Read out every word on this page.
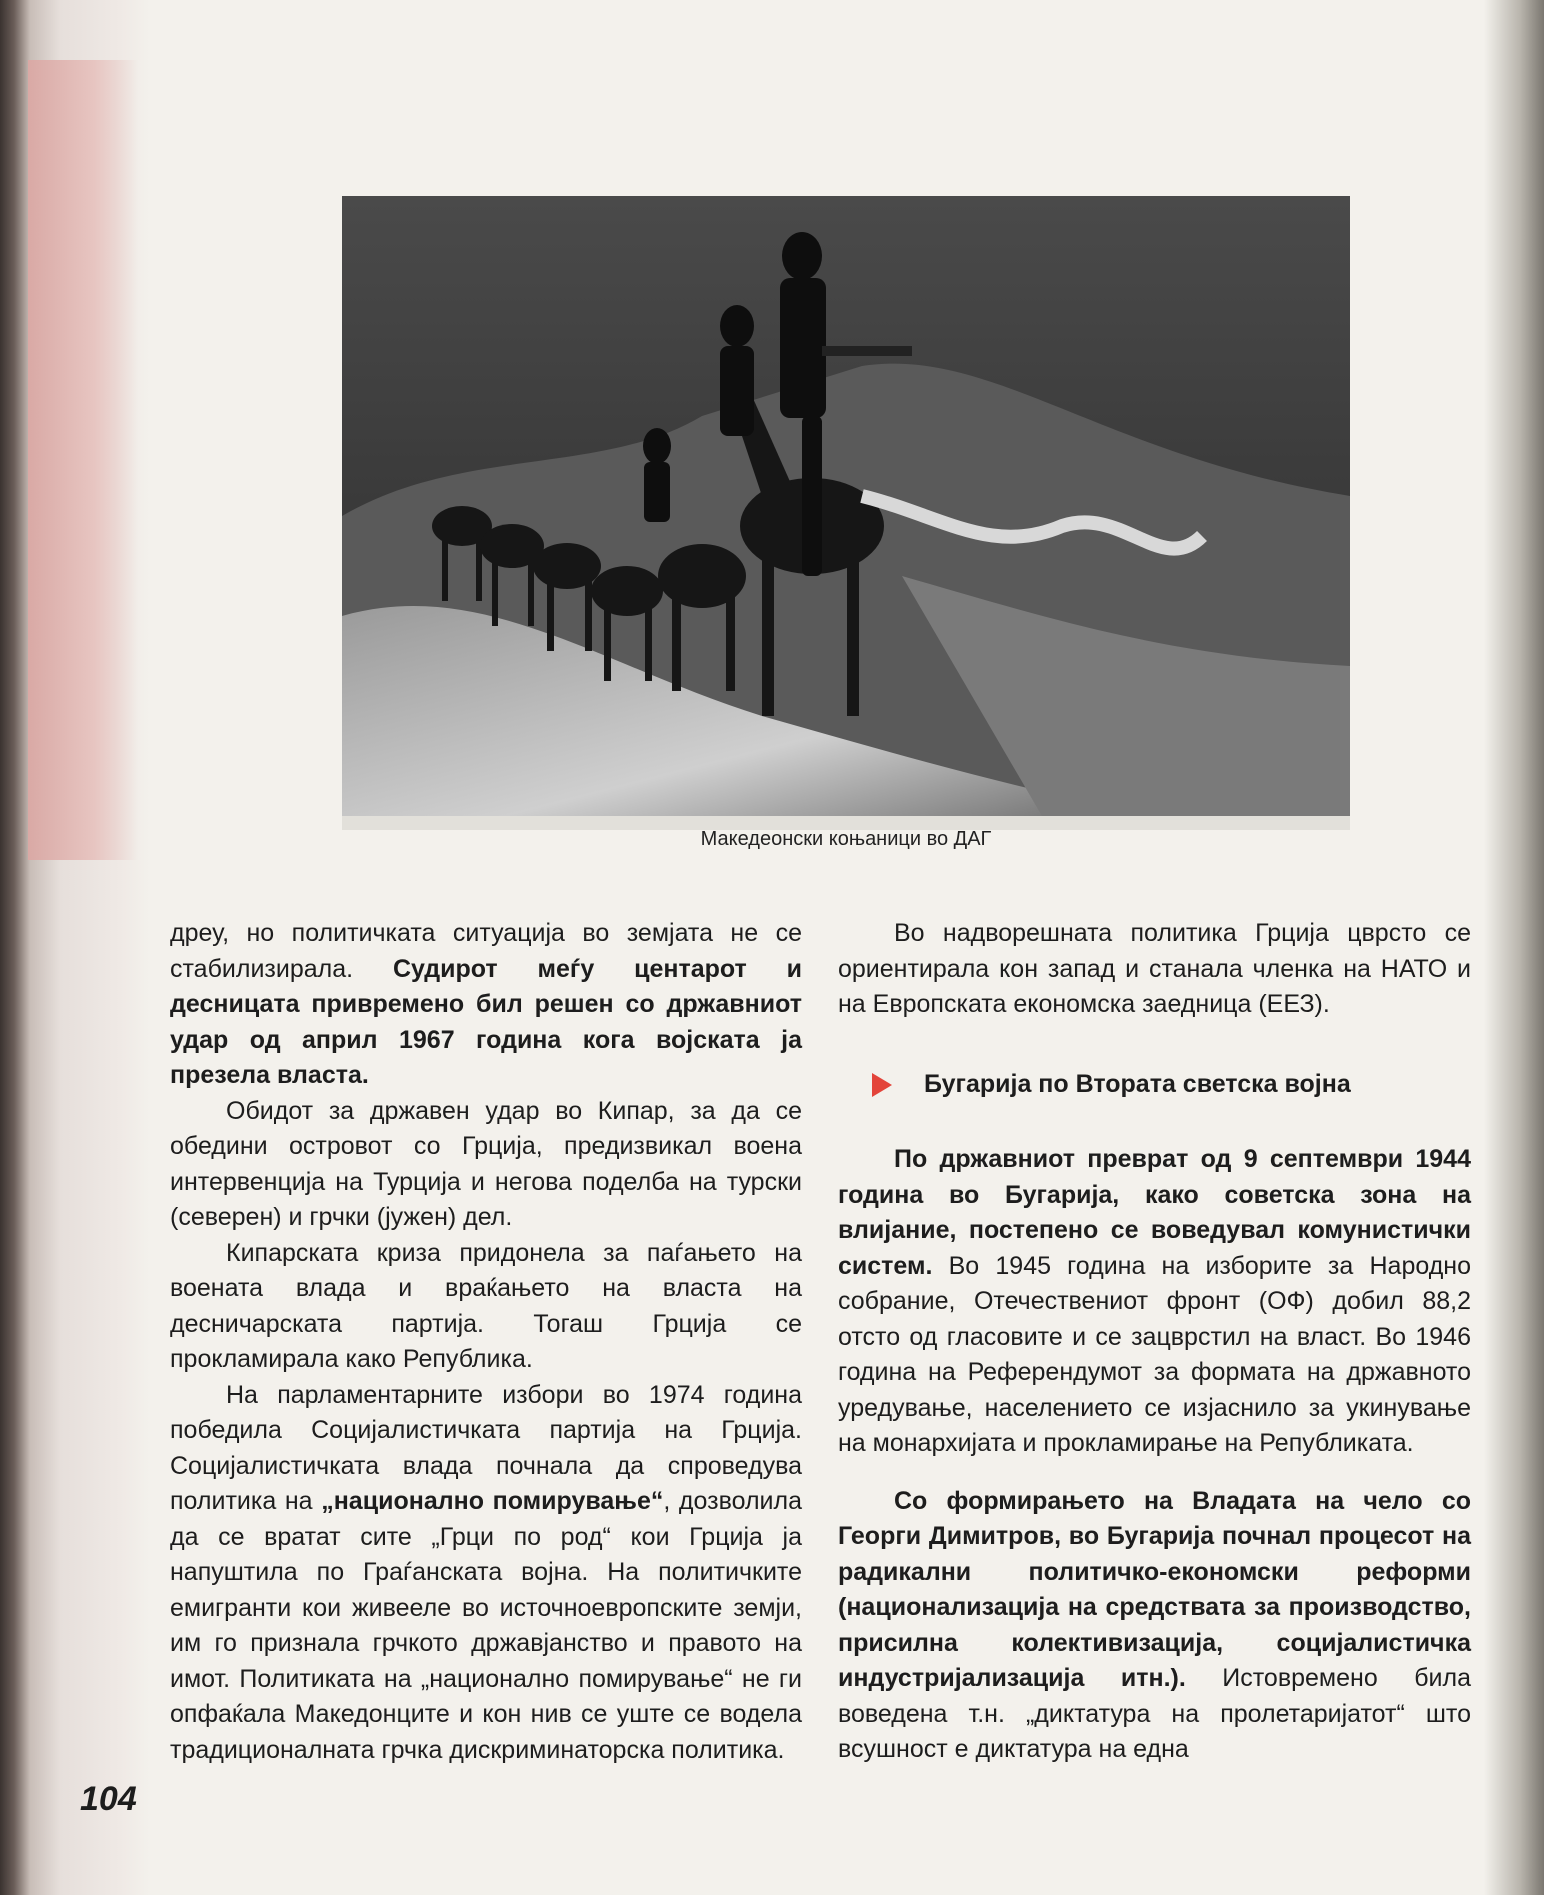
Македеонски коњаници во ДАГ

дреу, но политичката ситуација во земјата не се стабилизирала. Судирот меѓу центарот и десницата привремено бил решен со државниот удар од април 1967 година кога војската ја презела власта.

Обидот за државен удар во Кипар, за да се обедини островот со Грција, предизвикал воена интервенција на Турција и негова поделба на турски (северен) и грчки (јужен) дел.

Кипарската криза придонела за паѓањето на воената влада и враќањето на власта на десничарската партија. Тогаш Грција се прокламирала како Република.

На парламентарните избори во 1974 година победила Социјалистичката партија на Грција. Социјалистичката влада почнала да спроведува политика на „национално помирување“, дозволила да се вратат сите „Грци по род“ кои Грција ја напуштила по Граѓанската војна. На политичките емигранти кои живееле во источноевропските земји, им го признала грчкото државјанство и правото на имот. Политиката на „национално помирување“ не ги опфаќала Македонците и кон нив се уште се водела традиционалната грчка дискриминаторска политика.

Во надворешната политика Грција цврсто се ориентирала кон запад и станала членка на НАТО и на Европската економска заедница (ЕЕЗ).

Бугарија по Втората светска војна

По државниот преврат од 9 септември 1944 година во Бугарија, како советска зона на влијание, постепено се воведувал комунистички систем. Во 1945 година на изборите за Народно собрание, Отечествениот фронт (ОФ) добил 88,2 отсто од гласовите и се зацврстил на власт. Во 1946 година на Референдумот за формата на државното уредување, населението се изјаснило за укинување на монархијата и прокламирање на Републиката.

Со формирањето на Владата на чело со Георги Димитров, во Бугарија почнал процесот на радикални политичко-економски реформи (национализација на средствата за производство, присилна колективизација, социјалистичка индустријализација итн.). Истовремено била воведена т.н. „диктатура на пролетаријатот“ што всушност е диктатура на една

104
